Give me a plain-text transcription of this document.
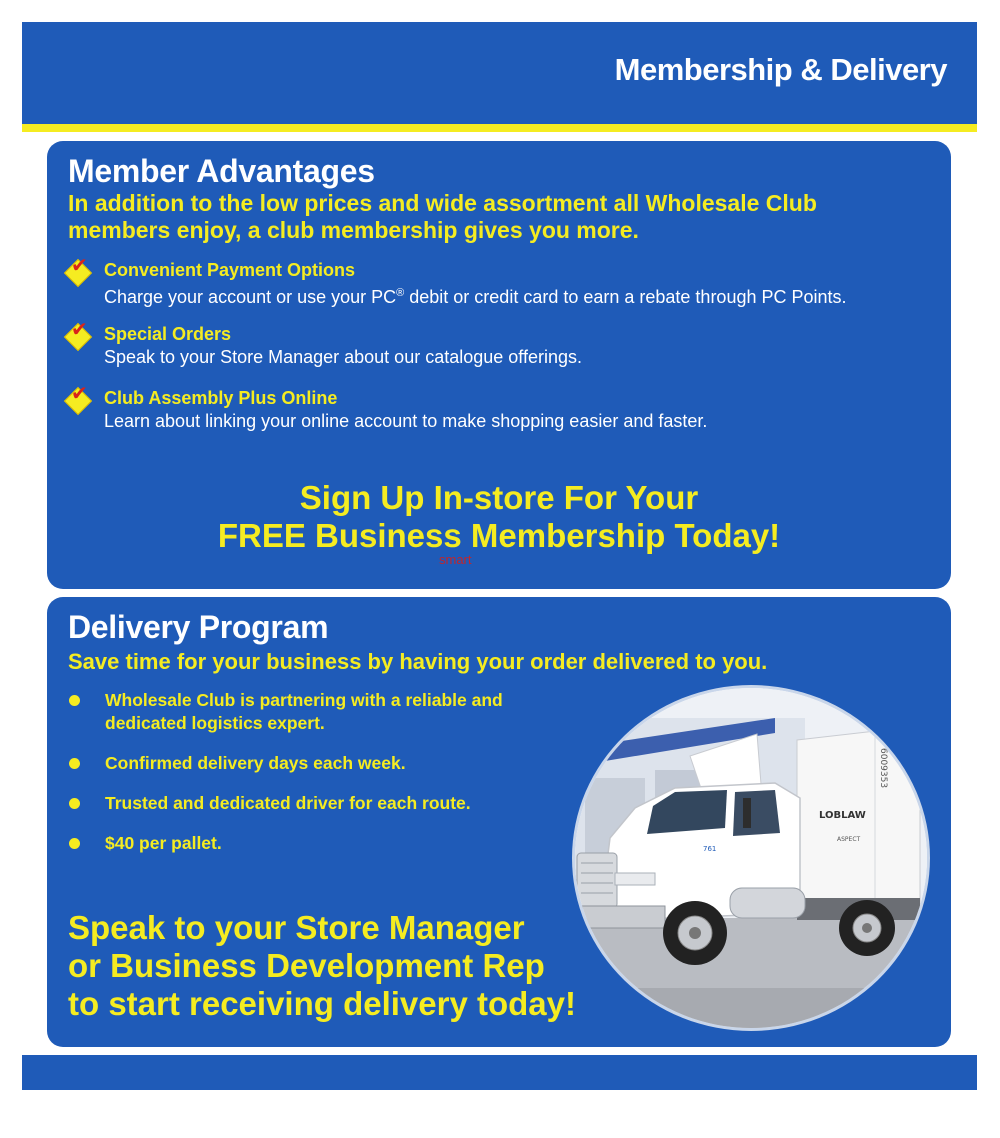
Membership & Delivery
Member Advantages
In addition to the low prices and wide assortment all Wholesale Club
members enjoy, a club membership gives you more.
✔ Convenient Payment Options
Charge your account or use your PC® debit or credit card to earn a rebate through PC Points.
✔ Special Orders
Speak to your Store Manager about our catalogue offerings.
✔ Club Assembly Plus Online
Learn about linking your online account to make shopping easier and faster.
Sign Up In-store For Your
FREE Business Membership Today!
smart
Delivery Program
Save time for your business by having your order delivered to you.
Wholesale Club is partnering with a reliable and
dedicated logistics expert.
Confirmed delivery days each week.
Trusted and dedicated driver for each route.
$40 per pallet.
Speak to your Store Manager
or Business Development Rep
to start receiving delivery today!
6009353
LOBLAW
ASPECT
761
